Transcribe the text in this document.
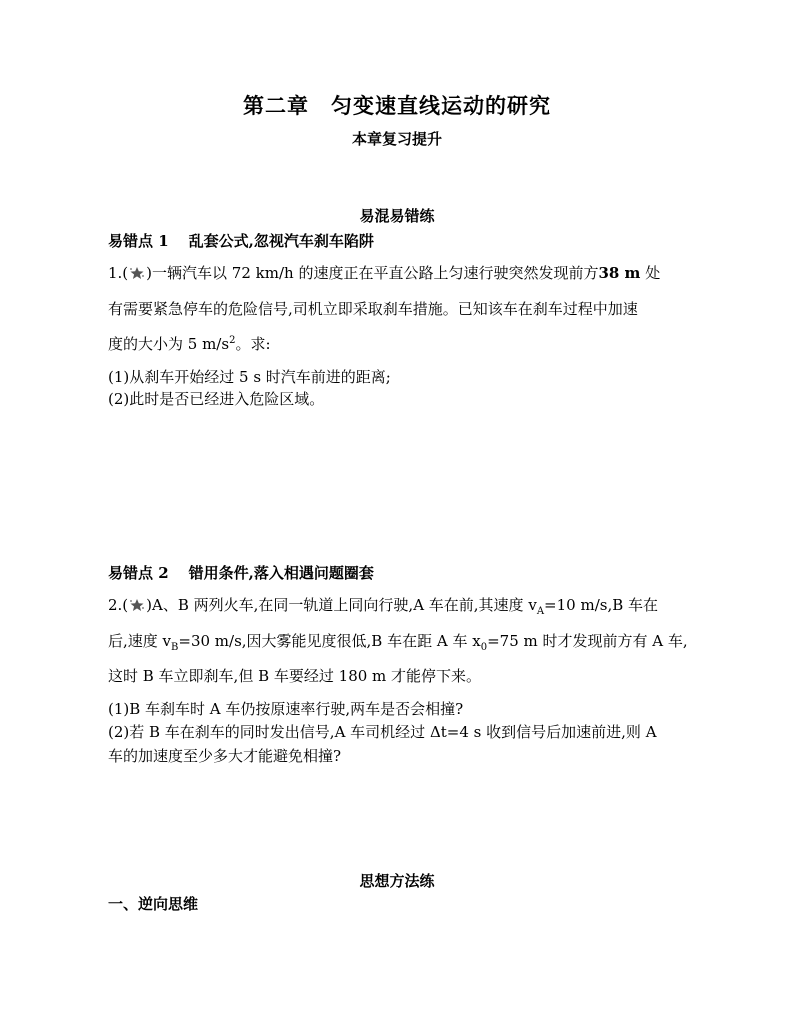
第二章　匀变速直线运动的研究
本章复习提升
易混易错练
易错点 1 乱套公式,忽视汽车刹车陷阱
1.( )一辆汽车以 72 km/h 的速度正在平直公路上匀速行驶突然发现前方38 m 处
有需要紧急停车的危险信号,司机立即采取刹车措施。已知该车在刹车过程中加速
度的大小为 5 $m/s^2$。求:
(1)从刹车开始经过 5 s 时汽车前进的距离;
(2)此时是否已经进入危险区域。
易错点 2 错用条件,落入相遇问题圈套
2.( )A、B 两列火车,在同一轨道上同向行驶,A 车在前,其速度 $v_A=10$ m/s,B 车在
后,速度 $v_B=30$ m/s,因大雾能见度很低,B 车在距 A 车 $x_0=75$ m 时才发现前方有 A 车,
这时 B 车立即刹车,但 B 车要经过 180 m 才能停下来。
(1)B 车刹车时 A 车仍按原速率行驶,两车是否会相撞?
(2)若 B 车在刹车的同时发出信号,A 车司机经过 Δt=4 s 收到信号后加速前进,则 A
车的加速度至少多大才能避免相撞?
思想方法练
一、逆向思维
